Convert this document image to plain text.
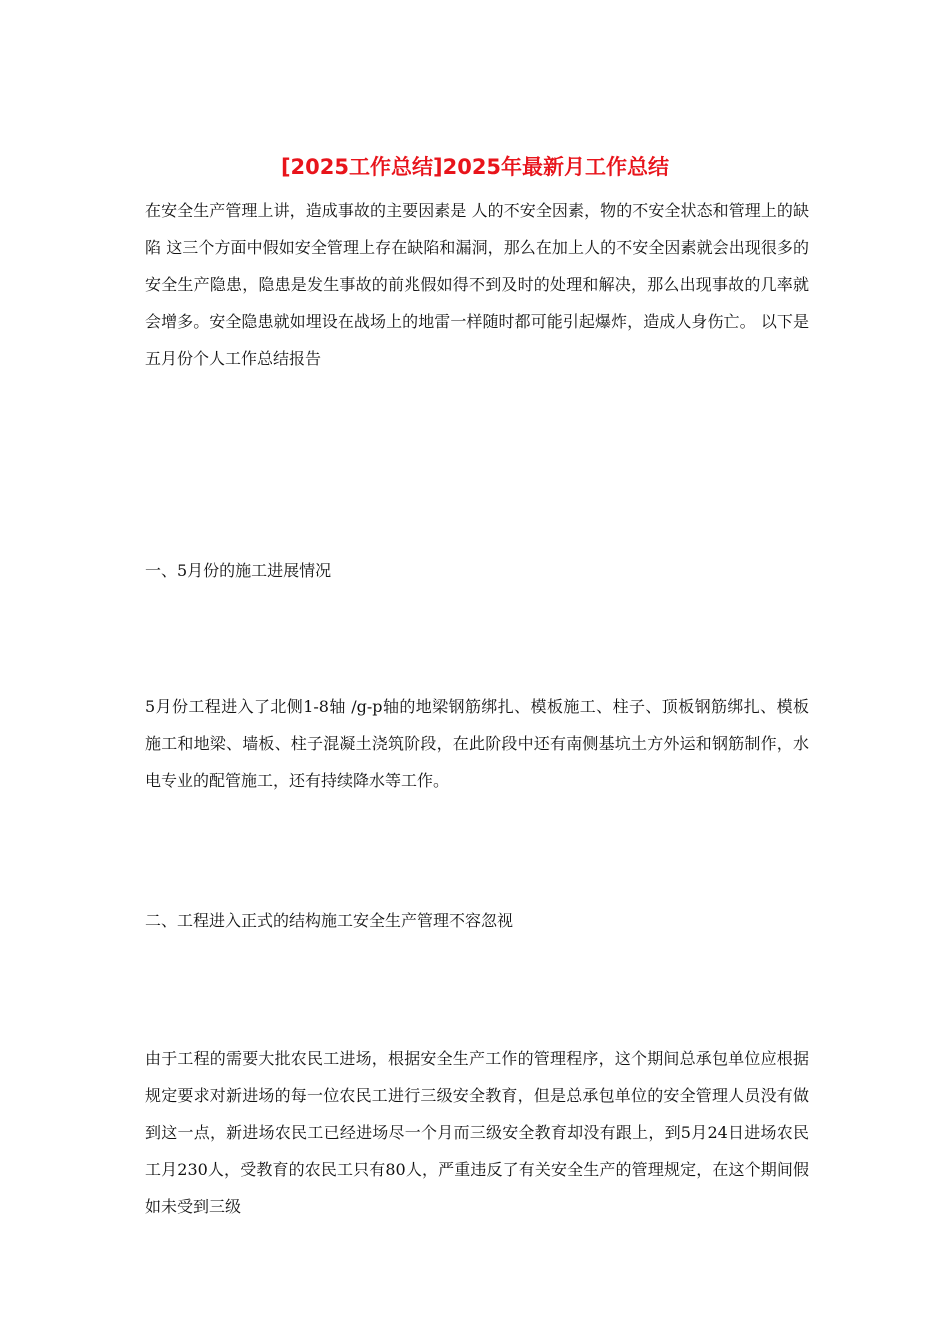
[2025工作总结]2025年最新月工作总结

在安全生产管理上讲，造成事故的主要因素是 人的不安全因素，物的不安全状态和管理上的缺陷 这三个方面中假如安全管理上存在缺陷和漏洞，那么在加上人的不安全因素就会出现很多的安全生产隐患，隐患是发生事故的前兆假如得不到及时的处理和解决，那么出现事故的几率就会增多。安全隐患就如埋设在战场上的地雷一样随时都可能引起爆炸，造成人身伤亡。 以下是五月份个人工作总结报告

一、5月份的施工进展情况

5月份工程进入了北侧1-8轴 /g-p轴的地梁钢筋绑扎、模板施工、柱子、顶板钢筋绑扎、模板施工和地梁、墙板、柱子混凝土浇筑阶段，在此阶段中还有南侧基坑土方外运和钢筋制作，水电专业的配管施工，还有持续降水等工作。

二、工程进入正式的结构施工安全生产管理不容忽视

由于工程的需要大批农民工进场，根据安全生产工作的管理程序，这个期间总承包单位应根据规定要求对新进场的每一位农民工进行三级安全教育，但是总承包单位的安全管理人员没有做到这一点，新进场农民工已经进场尽一个月而三级安全教育却没有跟上，到5月24日进场农民工月230人，受教育的农民工只有80人，严重违反了有关安全生产的管理规定，在这个期间假如未受到三级
